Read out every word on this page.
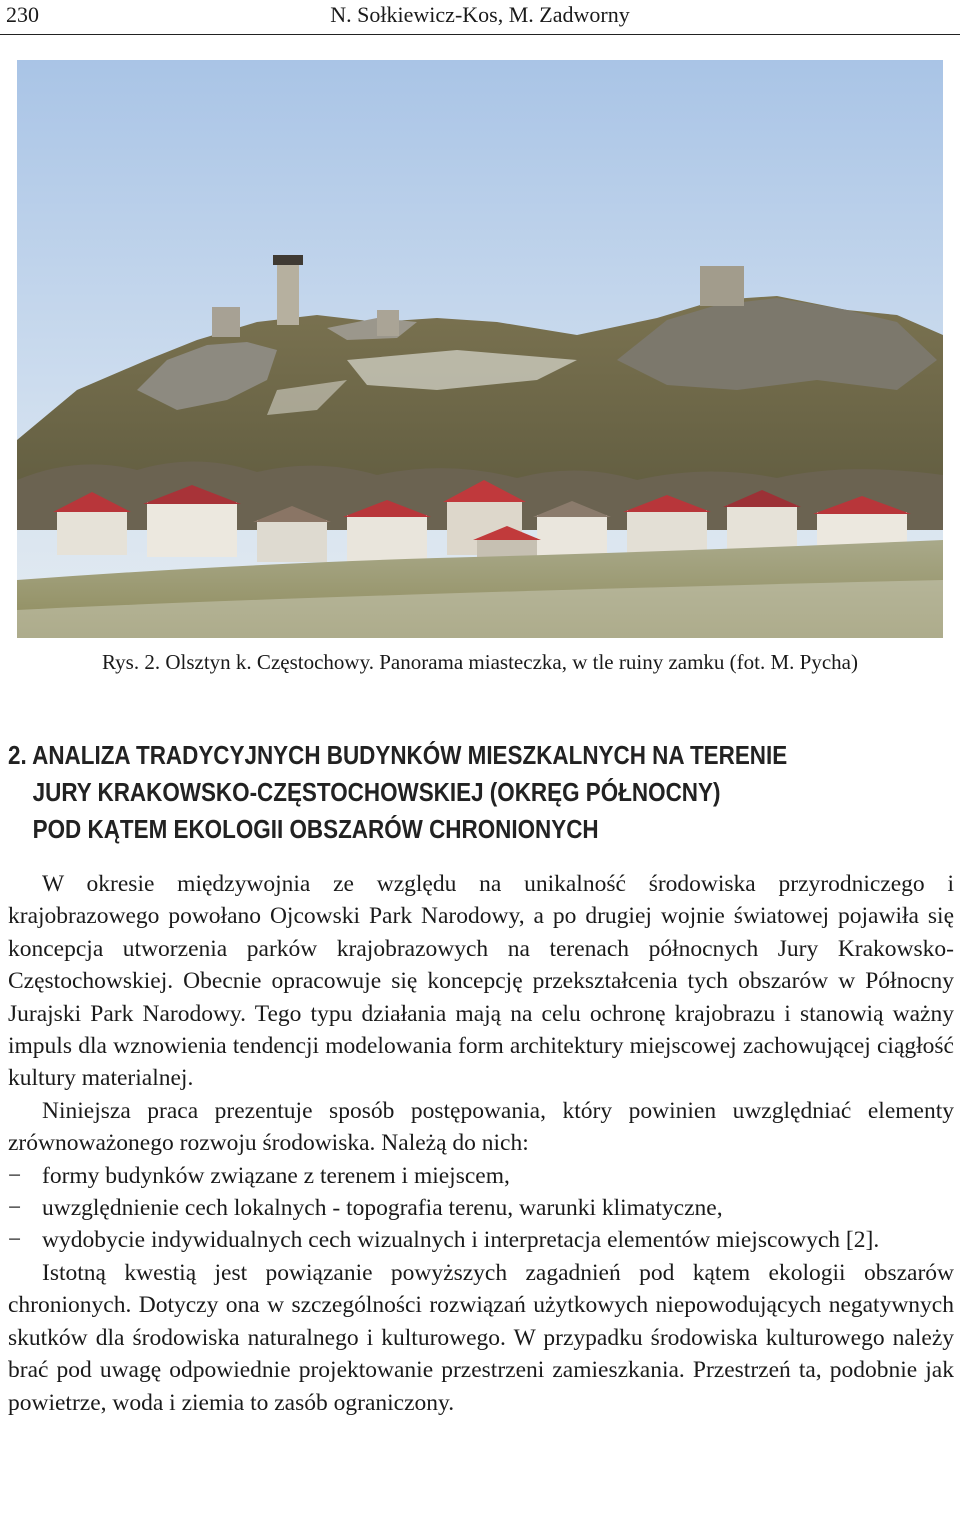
230	N. Sołkiewicz-Kos, M. Zadworny
Rys. 2. Olsztyn k. Częstochowy. Panorama miasteczka, w tle ruiny zamku (fot. M. Pycha)
2. ANALIZA TRADYCYJNYCH BUDYNKÓW MIESZKALNYCH NA TERENIE
JURY KRAKOWSKO-CZĘSTOCHOWSKIEJ (OKRĘG PÓŁNOCNY)
POD KĄTEM EKOLOGII OBSZARÓW CHRONIONYCH

W okresie międzywojnia ze względu na unikalność środowiska przyrodniczego i krajobrazowego powołano Ojcowski Park Narodowy, a po drugiej wojnie światowej pojawiła się koncepcja utworzenia parków krajobrazowych na terenach północnych Jury Krakowsko-Częstochowskiej. Obecnie opracowuje się koncepcję przekształcenia tych obszarów w Północny Jurajski Park Narodowy. Tego typu działania mają na celu ochronę krajobrazu i stanowią ważny impuls dla wznowienia tendencji modelowania form architektury miejscowej zachowującej ciągłość kultury materialnej.

Niniejsza praca prezentuje sposób postępowania, który powinien uwzględniać elementy zrównoważonego rozwoju środowiska. Należą do nich:

− formy budynków związane z terenem i miejscem,
− uwzględnienie cech lokalnych - topografia terenu, warunki klimatyczne,
− wydobycie indywidualnych cech wizualnych i interpretacja elementów miejscowych [2].

Istotną kwestią jest powiązanie powyższych zagadnień pod kątem ekologii obszarów chronionych. Dotyczy ona w szczególności rozwiązań użytkowych niepowodujących negatywnych skutków dla środowiska naturalnego i kulturowego. W przypadku środowiska kulturowego należy brać pod uwagę odpowiednie projektowanie przestrzeni zamieszkania. Przestrzeń ta, podobnie jak powietrze, woda i ziemia to zasób ograniczony.
